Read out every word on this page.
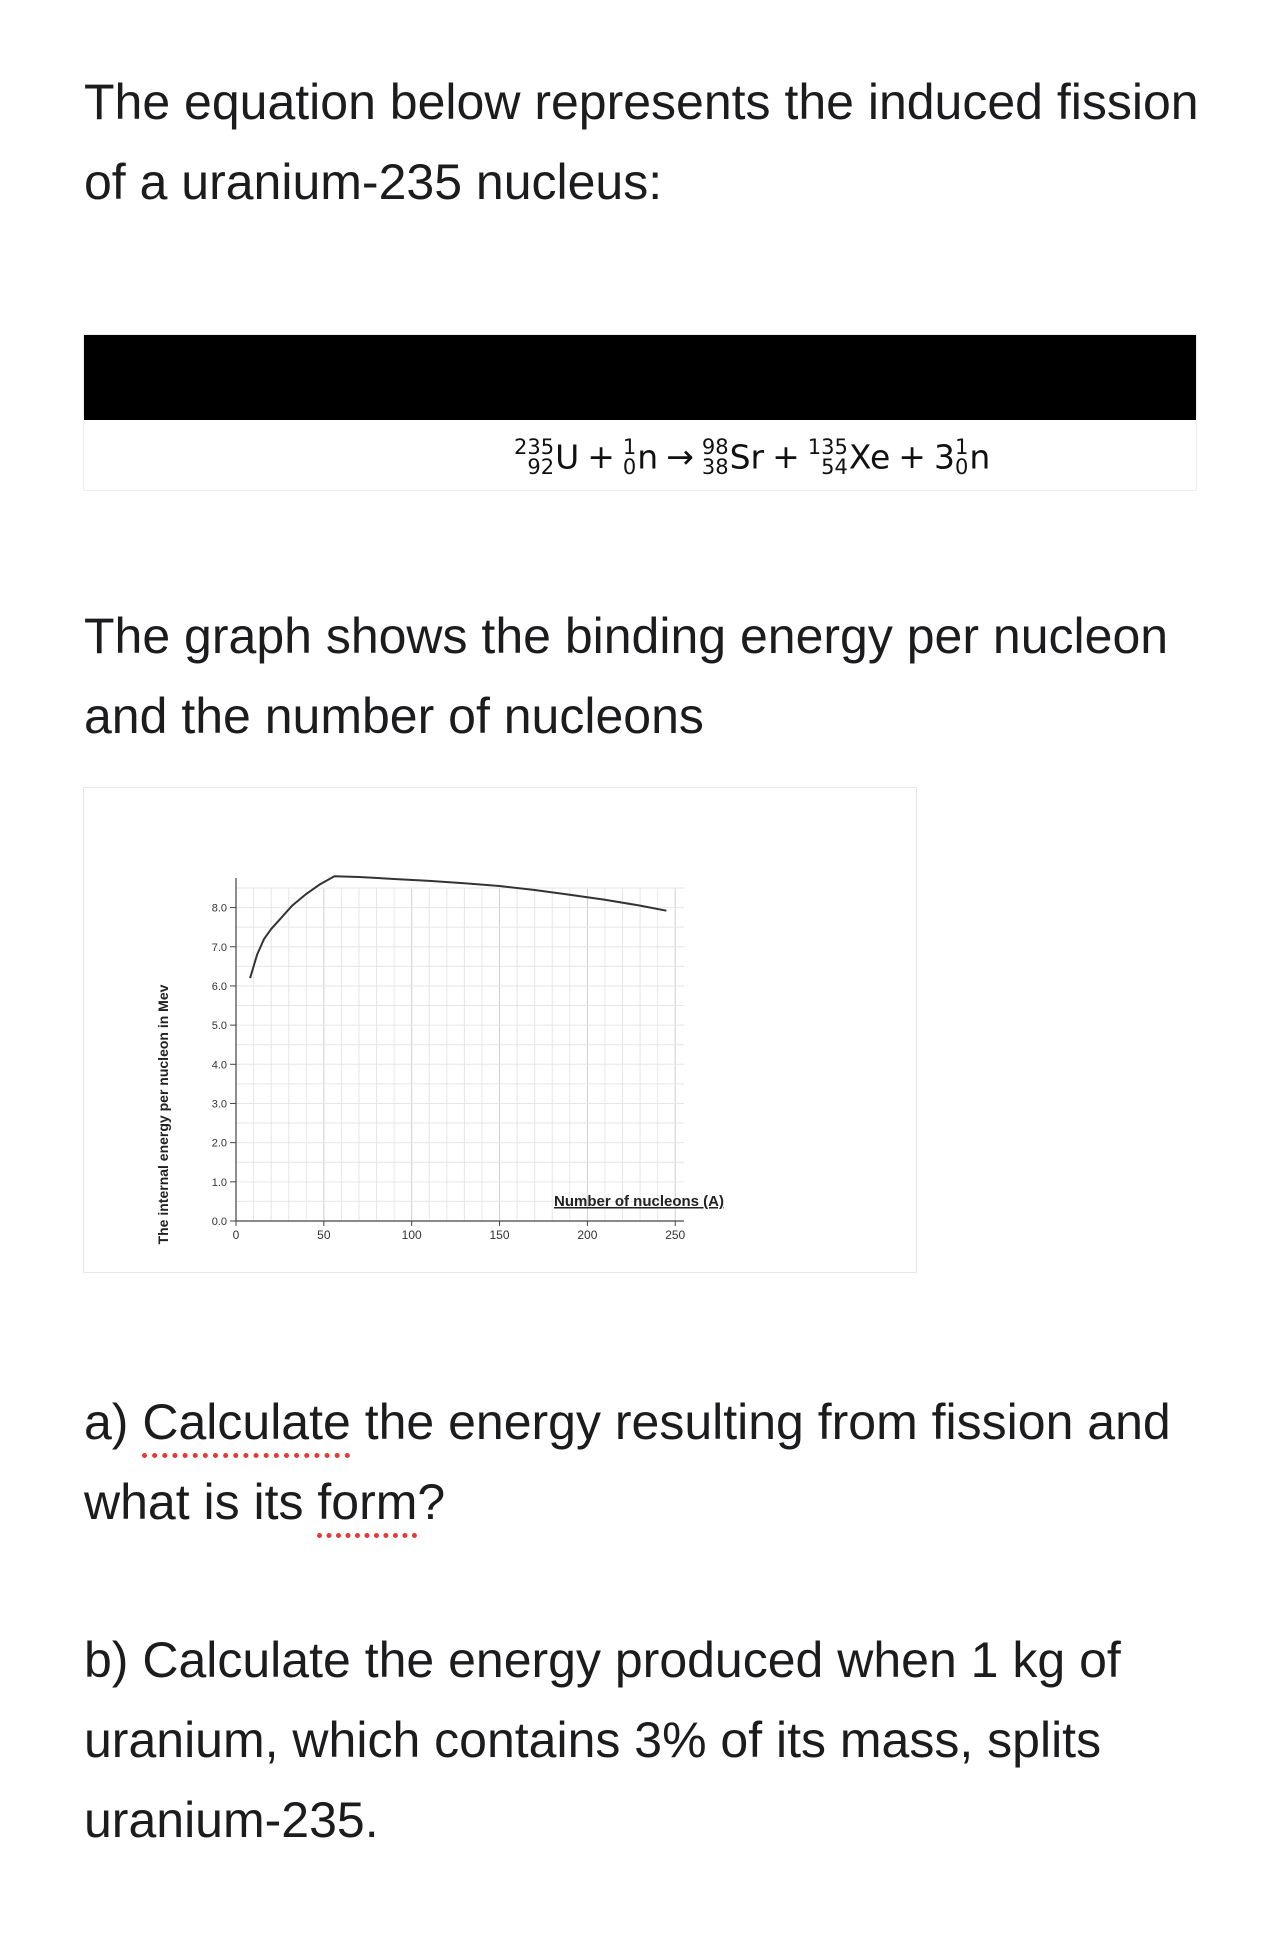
The equation below represents the induced fission of a uranium-235 nucleus:

235
92 U + 1
0 n → 98
38 Sr + 135
54 Xe + 3 1
0 n

The graph shows the binding energy per nucleon and the number of nucleons

0.0
1.0
2.0
3.0
4.0
5.0
6.0
7.0
8.0
0	50	100	150	200	250
Number of nucleons (A)
The internal energy per nucleon in Mev

a) Calculate the energy resulting from fission and what is its form?

b) Calculate the energy produced when 1 kg of uranium, which contains 3% of its mass, splits uranium-235.
